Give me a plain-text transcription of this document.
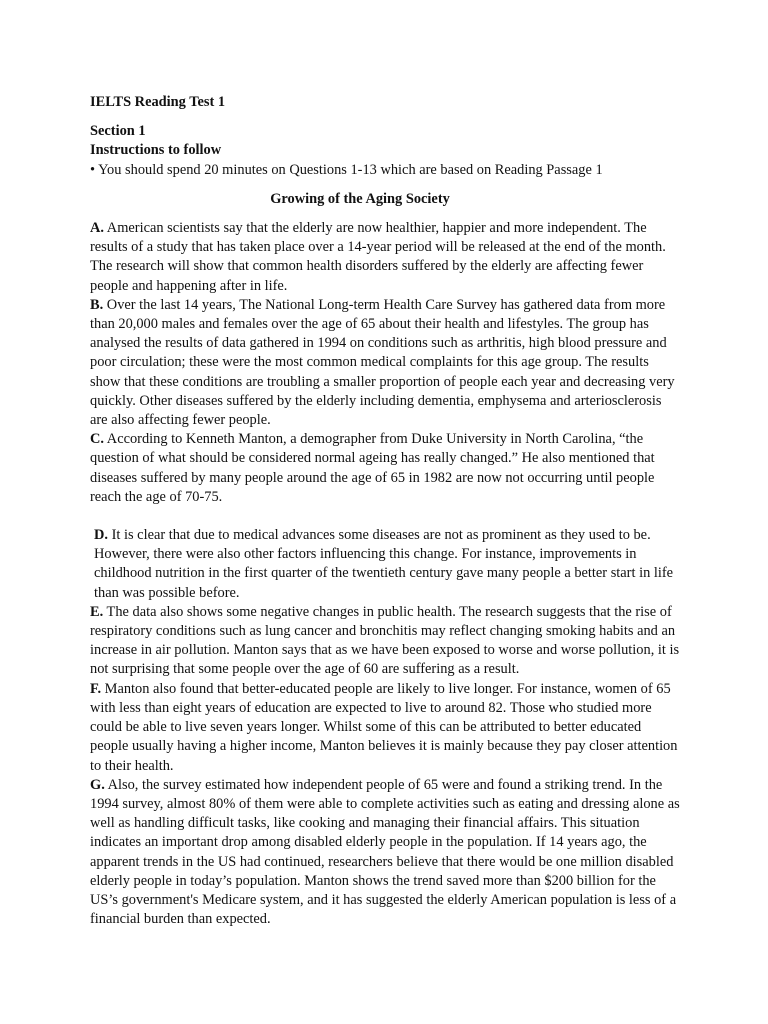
IELTS Reading Test 1

Section 1

Instructions to follow

• You should spend 20 minutes on Questions 1-13 which are based on Reading Passage 1

Growing of the Aging Society

A. American scientists say that the elderly are now healthier, happier and more independent. The results of a study that has taken place over a 14-year period will be released at the end of the month. The research will show that common health disorders suffered by the elderly are affecting fewer people and happening after in life.

B. Over the last 14 years, The National Long-term Health Care Survey has gathered data from more than 20,000 males and females over the age of 65 about their health and lifestyles. The group has analysed the results of data gathered in 1994 on conditions such as arthritis, high blood pressure and poor circulation; these were the most common medical complaints for this age group. The results show that these conditions are troubling a smaller proportion of people each year and decreasing very quickly. Other diseases suffered by the elderly including dementia, emphysema and arteriosclerosis are also affecting fewer people.

C. According to Kenneth Manton, a demographer from Duke University in North Carolina, “the question of what should be considered normal ageing has really changed.” He also mentioned that diseases suffered by many people around the age of 65 in 1982 are now not occurring until people reach the age of 70-75.

D. It is clear that due to medical advances some diseases are not as prominent as they used to be. However, there were also other factors influencing this change. For instance, improvements in childhood nutrition in the first quarter of the twentieth century gave many people a better start in life than was possible before.

E. The data also shows some negative changes in public health. The research suggests that the rise of respiratory conditions such as lung cancer and bronchitis may reflect changing smoking habits and an increase in air pollution. Manton says that as we have been exposed to worse and worse pollution, it is not surprising that some people over the age of 60 are suffering as a result.

F. Manton also found that better-educated people are likely to live longer. For instance, women of 65 with less than eight years of education are expected to live to around 82. Those who studied more could be able to live seven years longer. Whilst some of this can be attributed to better educated people usually having a higher income, Manton believes it is mainly because they pay closer attention to their health.

G. Also, the survey estimated how independent people of 65 were and found a striking trend. In the 1994 survey, almost 80% of them were able to complete activities such as eating and dressing alone as well as handling difficult tasks, like cooking and managing their financial affairs. This situation indicates an important drop among disabled elderly people in the population. If 14 years ago, the apparent trends in the US had continued, researchers believe that there would be one million disabled elderly people in today’s population. Manton shows the trend saved more than $200 billion for the US’s government's Medicare system, and it has suggested the elderly American population is less of a financial burden than expected.
